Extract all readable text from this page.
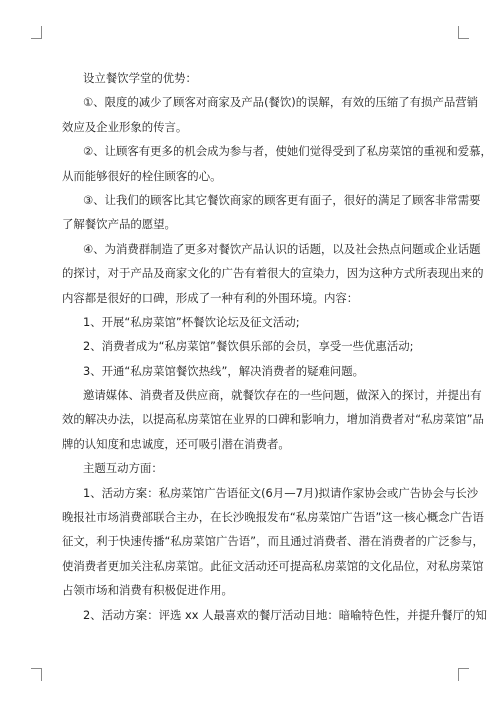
设立餐饮学堂的优势：
①、限度的减少了顾客对商家及产品(餐饮)的误解，有效的压缩了有损产品营销
效应及企业形象的传言。
②、让顾客有更多的机会成为参与者，使她们觉得受到了私房菜馆的重视和爱慕，
从而能够很好的栓住顾客的心。
③、让我们的顾客比其它餐饮商家的顾客更有面子，很好的满足了顾客非常需要
了解餐饮产品的愿望。
④、为消费群制造了更多对餐饮产品认识的话题，以及社会热点问题或企业话题
的探讨，对于产品及商家文化的广告有着很大的宣染力，因为这种方式所表现出来的
内容都是很好的口碑，形成了一种有利的外围环境。内容：
1、开展“私房菜馆”杯餐饮论坛及征文活动;
2、消费者成为“私房菜馆”餐饮俱乐部的会员，享受一些优惠活动;
3、开通“私房菜馆餐饮热线”，解决消费者的疑难问题。
邀请媒体、消费者及供应商，就餐饮存在的一些问题，做深入的探讨，并提出有
效的解决办法，以提高私房菜馆在业界的口碑和影响力，增加消费者对“私房菜馆”品
牌的认知度和忠诚度，还可吸引潜在消费者。
主题互动方面：
1、活动方案：私房菜馆广告语征文(6月—7月)拟请作家协会或广告协会与长沙
晚报社市场消费部联合主办，在长沙晚报发布“私房菜馆广告语”这一核心概念广告语
征文，利于快速传播“私房菜馆广告语”，而且通过消费者、潜在消费者的广泛参与，
使消费者更加关注私房菜馆。此征文活动还可提高私房菜馆的文化品位，对私房菜馆
占领市场和消费有积极促进作用。
2、活动方案：评选 xx 人最喜欢的餐厅活动目地：暗喻特色性，并提升餐厅的知
